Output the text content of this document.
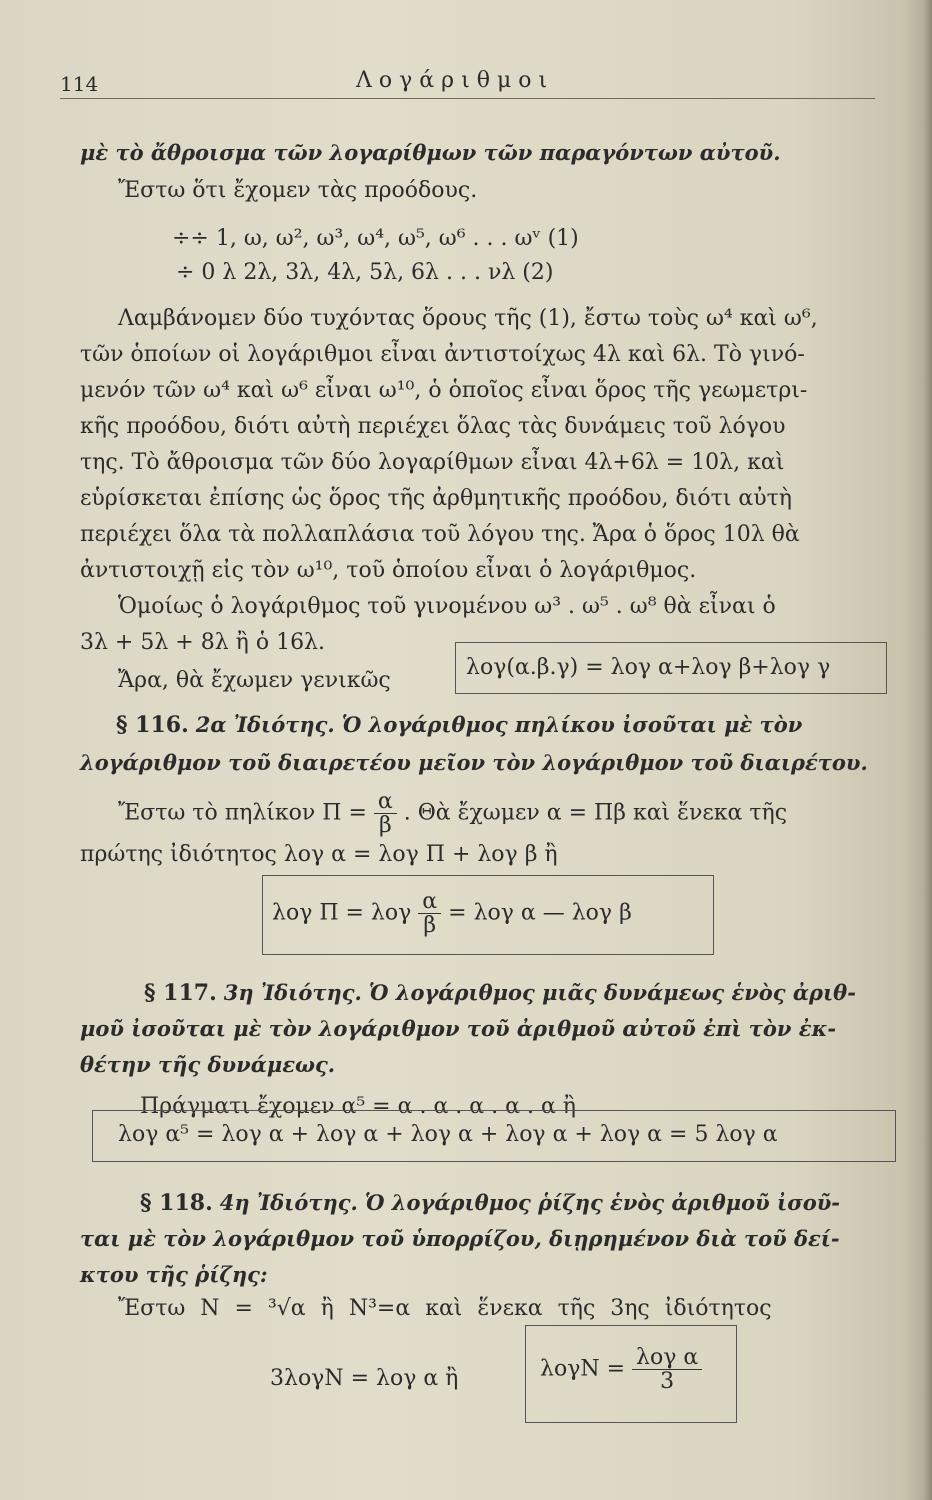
114	Λογάριθμοι
μὲ τὸ ἄθροισμα τῶν λογαρίθμων τῶν παραγόντων αὐτοῦ.
Ἔστω ὅτι ἔχομεν τὰς προόδους.
÷÷ 1, ω, ω², ω³, ω⁴, ω⁵, ω⁶ . . . ωᵛ (1)
÷ 0 λ 2λ, 3λ, 4λ, 5λ, 6λ . . . νλ (2)
Λαμβάνομεν δύο τυχόντας ὅρους τῆς (1), ἔστω τοὺς ω⁴ καὶ ω⁶,
τῶν ὁποίων οἱ λογάριθμοι εἶναι ἀντιστοίχως 4λ καὶ 6λ. Τὸ γινό-
μενόν τῶν ω⁴ καὶ ω⁶ εἶναι ω¹⁰, ὁ ὁποῖος εἶναι ὅρος τῆς γεωμετρι-
κῆς προόδου, διότι αὐτὴ περιέχει ὅλας τὰς δυνάμεις τοῦ λόγου
της. Τὸ ἄθροισμα τῶν δύο λογαρίθμων εἶναι 4λ+6λ = 10λ, καὶ
εὑρίσκεται ἐπίσης ὡς ὅρος τῆς ἀρθμητικῆς προόδου, διότι αὐτὴ
περιέχει ὅλα τὰ πολλαπλάσια τοῦ λόγου της. Ἄρα ὁ ὅρος 10λ θὰ
ἀντιστοιχῇ εἰς τὸν ω¹⁰, τοῦ ὁποίου εἶναι ὁ λογάριθμος.
Ὁμοίως ὁ λογάριθμος τοῦ γινομένου ω³ . ω⁵ . ω⁸ θὰ εἶναι ὁ
3λ + 5λ + 8λ ἢ ὁ 16λ.
Ἄρα, θὰ ἔχωμεν γενικῶς
λογ(α.β.γ) = λογ α+λογ β+λογ γ
§ 116. 2α Ἰδιότης. Ὁ λογάριθμος πηλίκου ἰσοῦται μὲ τὸν
λογάριθμον τοῦ διαιρετέου μεῖον τὸν λογάριθμον τοῦ διαιρέτου.
Ἔστω τὸ πηλίκον $\Pi = \frac{\alpha}{\beta}$ . Θὰ ἔχωμεν α = Πβ καὶ ἕνεκα τῆς
πρώτης ἰδιότητος λογ α = λογ Π + λογ β ἢ
λογ Π = λογ $\frac{\alpha}{\beta} = \lambda o\gamma$ α — λογ β
§ 117. 3η Ἰδιότης. Ὁ λογάριθμος μιᾶς δυνάμεως ἑνὸς ἀριθ-
μοῦ ἰσοῦται μὲ τὸν λογάριθμον τοῦ ἀριθμοῦ αὐτοῦ ἐπὶ τὸν ἐκ-
θέτην τῆς δυνάμεως.
Πράγματι ἔχομεν α⁵ = α . α . α . α . α ἢ
λογ α⁵ = λογ α + λογ α + λογ α + λογ α + λογ α = 5 λογ α
§ 118. 4η Ἰδιότης. Ὁ λογάριθμος ῥίζης ἑνὸς ἀριθμοῦ ἰσοῦ-
ται μὲ τὸν λογάριθμον τοῦ ὑπορρίζου, διῃρημένον διὰ τοῦ δεί-
κτου τῆς ῥίζης:
Ἔστω N = ³√α ἢ N³=α καὶ ἕνεκα τῆς 3ης ἰδιότητος
3λογN = λογ α ἢ	$\lambda o\gamma N = \frac{\text{λογ α}}{3}$
